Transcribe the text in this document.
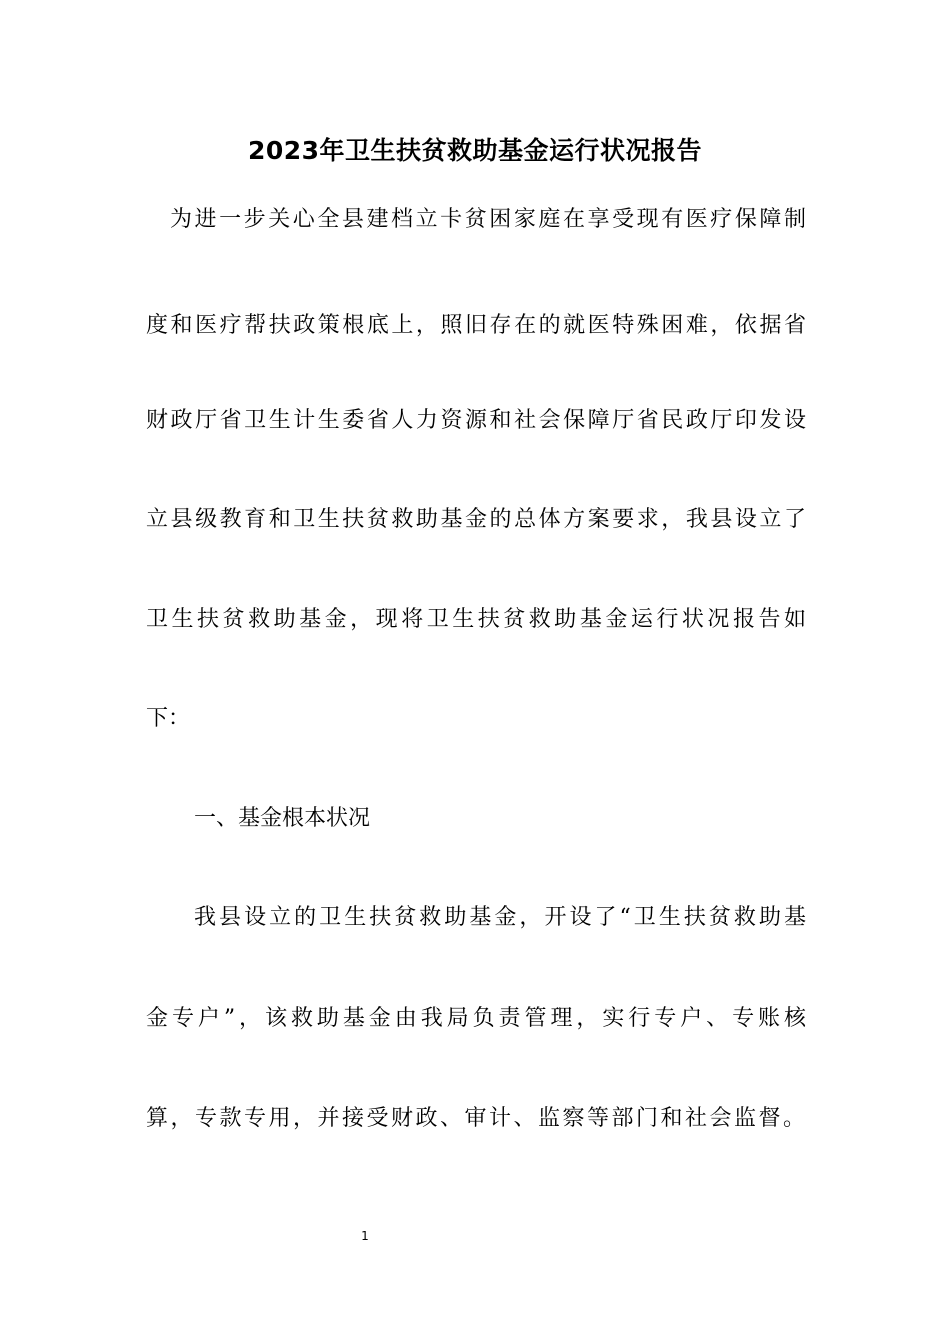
2023年卫生扶贫救助基金运行状况报告
为进一步关心全县建档立卡贫困家庭在享受现有医疗保障制
度和医疗帮扶政策根底上，照旧存在的就医特殊困难，依据省
财政厅省卫生计生委省人力资源和社会保障厅省民政厅印发设
立县级教育和卫生扶贫救助基金的总体方案要求，我县设立了
卫生扶贫救助基金，现将卫生扶贫救助基金运行状况报告如
下：
一、基金根本状况
我县设立的卫生扶贫救助基金，开设了“卫生扶贫救助基
金专户”，该救助基金由我局负责管理，实行专户、专账核
算，专款专用，并接受财政、审计、监察等部门和社会监督。
1
